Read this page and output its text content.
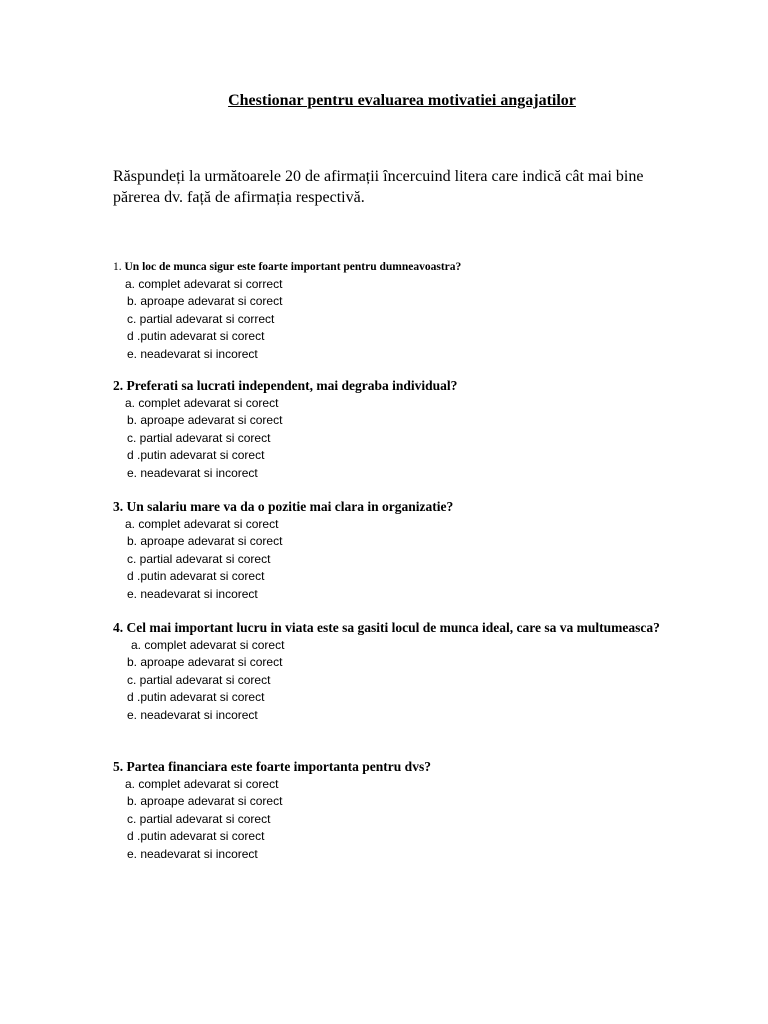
Chestionar pentru evaluarea motivatiei angajatilor
Răspundeți la următoarele 20 de afirmații încercuind litera care indică cât mai bine părerea dv. față de afirmația respectivă.
1. Un loc de munca sigur este foarte important pentru dumneavoastra?
a. complet adevarat si correct
b. aproape adevarat si corect
c. partial adevarat si correct
d .putin adevarat si corect
e. neadevarat si incorect
2. Preferati sa lucrati independent, mai degraba individual?
a. complet adevarat si corect
b. aproape adevarat si corect
c. partial adevarat si corect
d .putin adevarat si corect
e. neadevarat si incorect
3. Un salariu mare va da o pozitie mai clara in organizatie?
a. complet adevarat si corect
b. aproape adevarat si corect
c. partial adevarat si corect
d .putin adevarat si corect
e. neadevarat si incorect
4. Cel mai important lucru in viata este sa gasiti locul de munca ideal, care sa va multumeasca?
a. complet adevarat si corect
b. aproape adevarat si corect
c. partial adevarat si corect
d .putin adevarat si corect
e. neadevarat si incorect
5. Partea financiara este foarte importanta pentru dvs?
a. complet adevarat si corect
b. aproape adevarat si corect
c. partial adevarat si corect
d .putin adevarat si corect
e. neadevarat si incorect
